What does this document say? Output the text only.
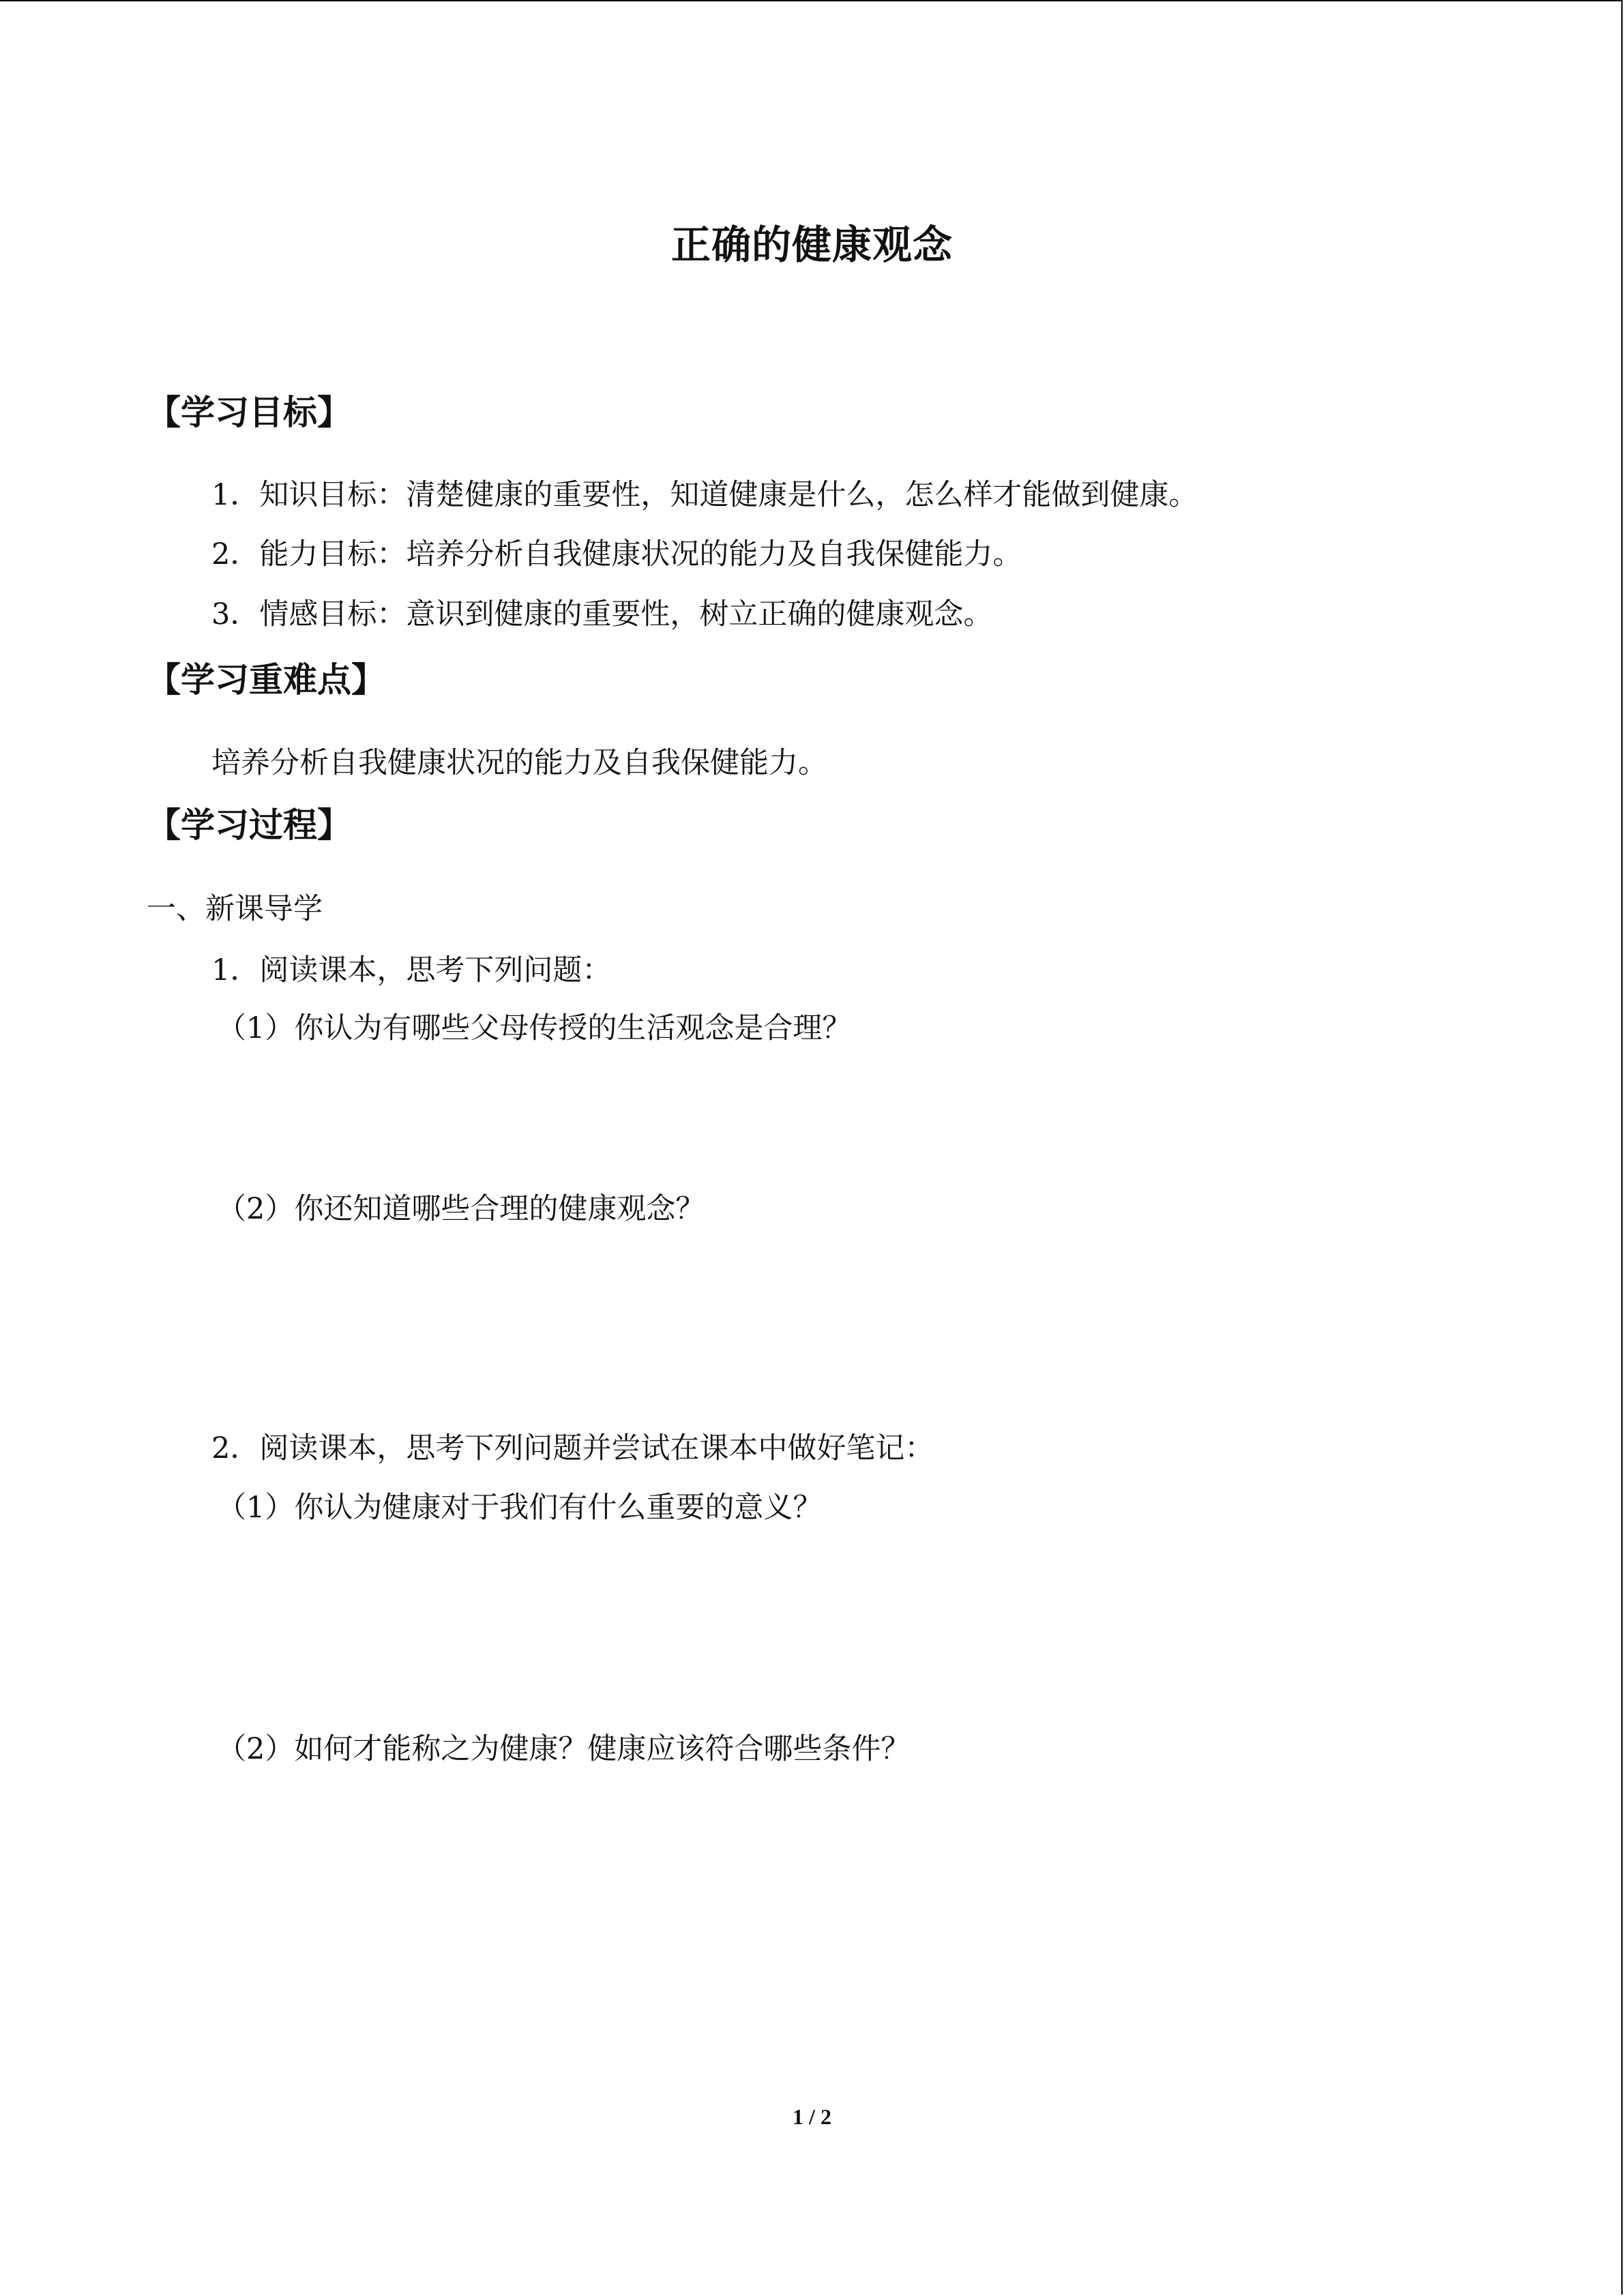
正确的健康观念
【学习目标】
1．知识目标：清楚健康的重要性，知道健康是什么，怎么样才能做到健康。
2．能力目标：培养分析自我健康状况的能力及自我保健能力。
3．情感目标：意识到健康的重要性，树立正确的健康观念。
【学习重难点】
培养分析自我健康状况的能力及自我保健能力。
【学习过程】
一、新课导学
1．阅读课本，思考下列问题：
（1）你认为有哪些父母传授的生活观念是合理？
（2）你还知道哪些合理的健康观念？
2．阅读课本，思考下列问题并尝试在课本中做好笔记：
（1）你认为健康对于我们有什么重要的意义？
（2）如何才能称之为健康？健康应该符合哪些条件？
1 / 2
